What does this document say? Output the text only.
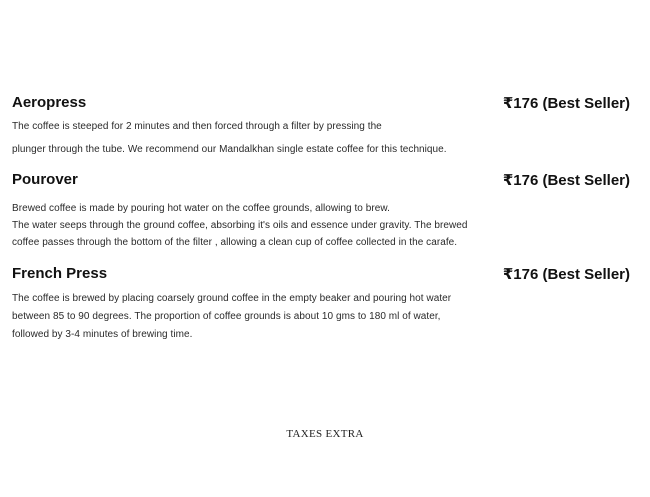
Aeropress	₹176 (Best Seller)
The coffee is steeped for 2 minutes and then forced through a filter by pressing the
plunger through the tube. We recommend our Mandalkhan single estate coffee for this technique.
Pourover	₹176 (Best Seller)
Brewed coffee is made by pouring hot water on the coffee grounds, allowing to brew.
The water seeps through the ground coffee, absorbing it's oils and essence under gravity. The brewed
coffee passes through the bottom of the filter , allowing a clean cup of coffee collected in the carafe.
French Press	₹176 (Best Seller)
The coffee is brewed by placing coarsely ground coffee in the empty beaker and pouring hot water
between 85 to 90 degrees. The proportion of coffee grounds is about 10 gms to 180 ml of water,
followed by 3-4 minutes of brewing time.
TAXES EXTRA
